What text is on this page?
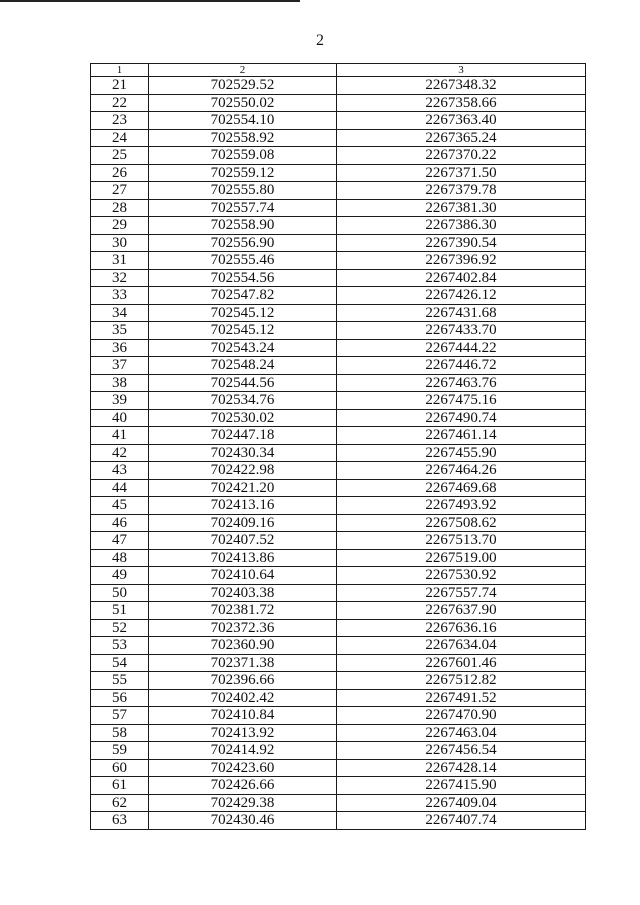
2
1	2	3
21	702529.52	2267348.32
22	702550.02	2267358.66
23	702554.10	2267363.40
24	702558.92	2267365.24
25	702559.08	2267370.22
26	702559.12	2267371.50
27	702555.80	2267379.78
28	702557.74	2267381.30
29	702558.90	2267386.30
30	702556.90	2267390.54
31	702555.46	2267396.92
32	702554.56	2267402.84
33	702547.82	2267426.12
34	702545.12	2267431.68
35	702545.12	2267433.70
36	702543.24	2267444.22
37	702548.24	2267446.72
38	702544.56	2267463.76
39	702534.76	2267475.16
40	702530.02	2267490.74
41	702447.18	2267461.14
42	702430.34	2267455.90
43	702422.98	2267464.26
44	702421.20	2267469.68
45	702413.16	2267493.92
46	702409.16	2267508.62
47	702407.52	2267513.70
48	702413.86	2267519.00
49	702410.64	2267530.92
50	702403.38	2267557.74
51	702381.72	2267637.90
52	702372.36	2267636.16
53	702360.90	2267634.04
54	702371.38	2267601.46
55	702396.66	2267512.82
56	702402.42	2267491.52
57	702410.84	2267470.90
58	702413.92	2267463.04
59	702414.92	2267456.54
60	702423.60	2267428.14
61	702426.66	2267415.90
62	702429.38	2267409.04
63	702430.46	2267407.74
